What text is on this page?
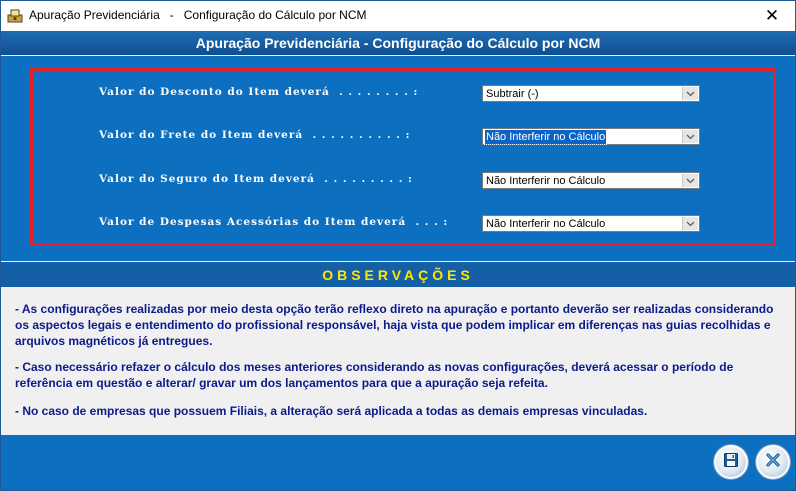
Apuração Previdenciária   -   Configuração do Cálculo por NCM	✕
Apuração Previdenciária - Configuração do Cálculo por NCM
Valor do Desconto do Item deverá  . . . . . . . . :	Subtrair (-)
Valor do Frete do Item deverá  . . . . . . . . . . :	Não Interferir no Cálculo
Valor do Seguro do Item deverá  . . . . . . . . . :	Não Interferir no Cálculo
Valor de Despesas Acessórias do Item deverá  . . . :	Não Interferir no Cálculo
OBSERVAÇÕES
- As configurações realizadas por meio desta opção terão reflexo direto na apuração e portanto deverão ser realizadas considerando os aspectos legais e entendimento do profissional responsável, haja vista que podem implicar em diferenças nas guias recolhidas e arquivos magnéticos já entregues.
- Caso necessário refazer o cálculo dos meses anteriores considerando as novas configurações, deverá acessar o período de referência em questão e alterar/ gravar um dos lançamentos para que a apuração seja refeita.
- No caso de empresas que possuem Filiais, a alteração será aplicada a todas as demais empresas vinculadas.
